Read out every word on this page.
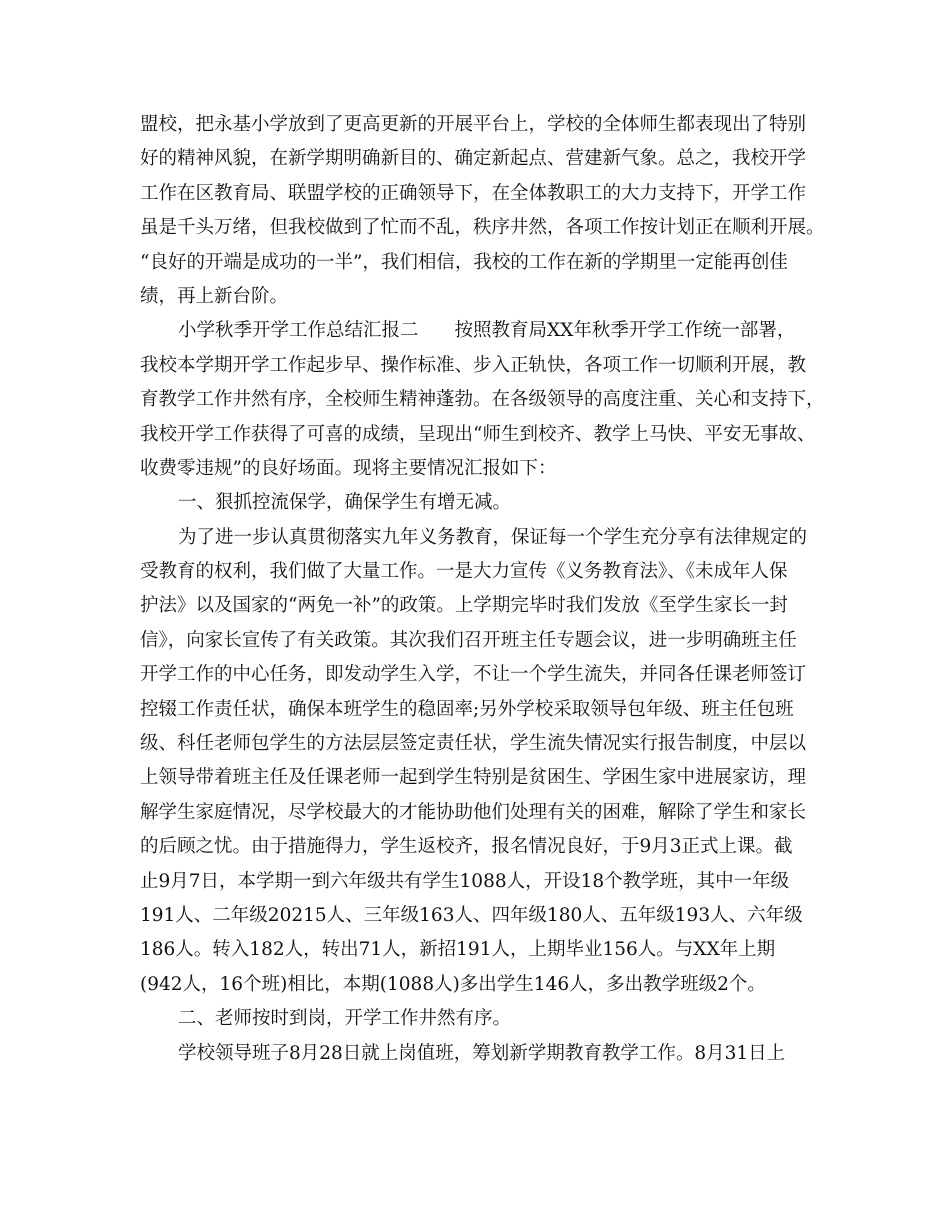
盟校，把永基小学放到了更高更新的开展平台上，学校的全体师生都表现出了特别
好的精神风貌，在新学期明确新目的、确定新起点、营建新气象。总之，我校开学
工作在区教育局、联盟学校的正确领导下，在全体教职工的大力支持下，开学工作
虽是千头万绪，但我校做到了忙而不乱，秩序井然，各项工作按计划正在顺利开展。
“良好的开端是成功的一半”，我们相信，我校的工作在新的学期里一定能再创佳
绩，再上新台阶。
小学秋季开学工作总结汇报二 按照教育局XX年秋季开学工作统一部署，
我校本学期开学工作起步早、操作标准、步入正轨快，各项工作一切顺利开展，教
育教学工作井然有序，全校师生精神蓬勃。在各级领导的高度注重、关心和支持下，
我校开学工作获得了可喜的成绩，呈现出“师生到校齐、教学上马快、平安无事故、
收费零违规”的良好场面。现将主要情况汇报如下：
一、狠抓控流保学，确保学生有增无减。
为了进一步认真贯彻落实九年义务教育，保证每一个学生充分享有法律规定的
受教育的权利，我们做了大量工作。一是大力宣传《义务教育法》、《未成年人保
护法》以及国家的“两免一补”的政策。上学期完毕时我们发放《至学生家长一封
信》，向家长宣传了有关政策。其次我们召开班主任专题会议，进一步明确班主任
开学工作的中心任务，即发动学生入学，不让一个学生流失，并同各任课老师签订
控辍工作责任状，确保本班学生的稳固率;另外学校采取领导包年级、班主任包班
级、科任老师包学生的方法层层签定责任状，学生流失情况实行报告制度，中层以
上领导带着班主任及任课老师一起到学生特别是贫困生、学困生家中进展家访，理
解学生家庭情况，尽学校最大的才能协助他们处理有关的困难，解除了学生和家长
的后顾之忧。由于措施得力，学生返校齐，报名情况良好，于9月3正式上课。截
止9月7日，本学期一到六年级共有学生1088人，开设18个教学班，其中一年级
191人、二年级20215人、三年级163人、四年级180人、五年级193人、六年级
186人。转入182人，转出71人，新招191人，上期毕业156人。与XX年上期
(942人，16个班)相比，本期(1088人)多出学生146人，多出教学班级2个。
二、老师按时到岗，开学工作井然有序。
学校领导班子8月28日就上岗值班，筹划新学期教育教学工作。8月31日上
